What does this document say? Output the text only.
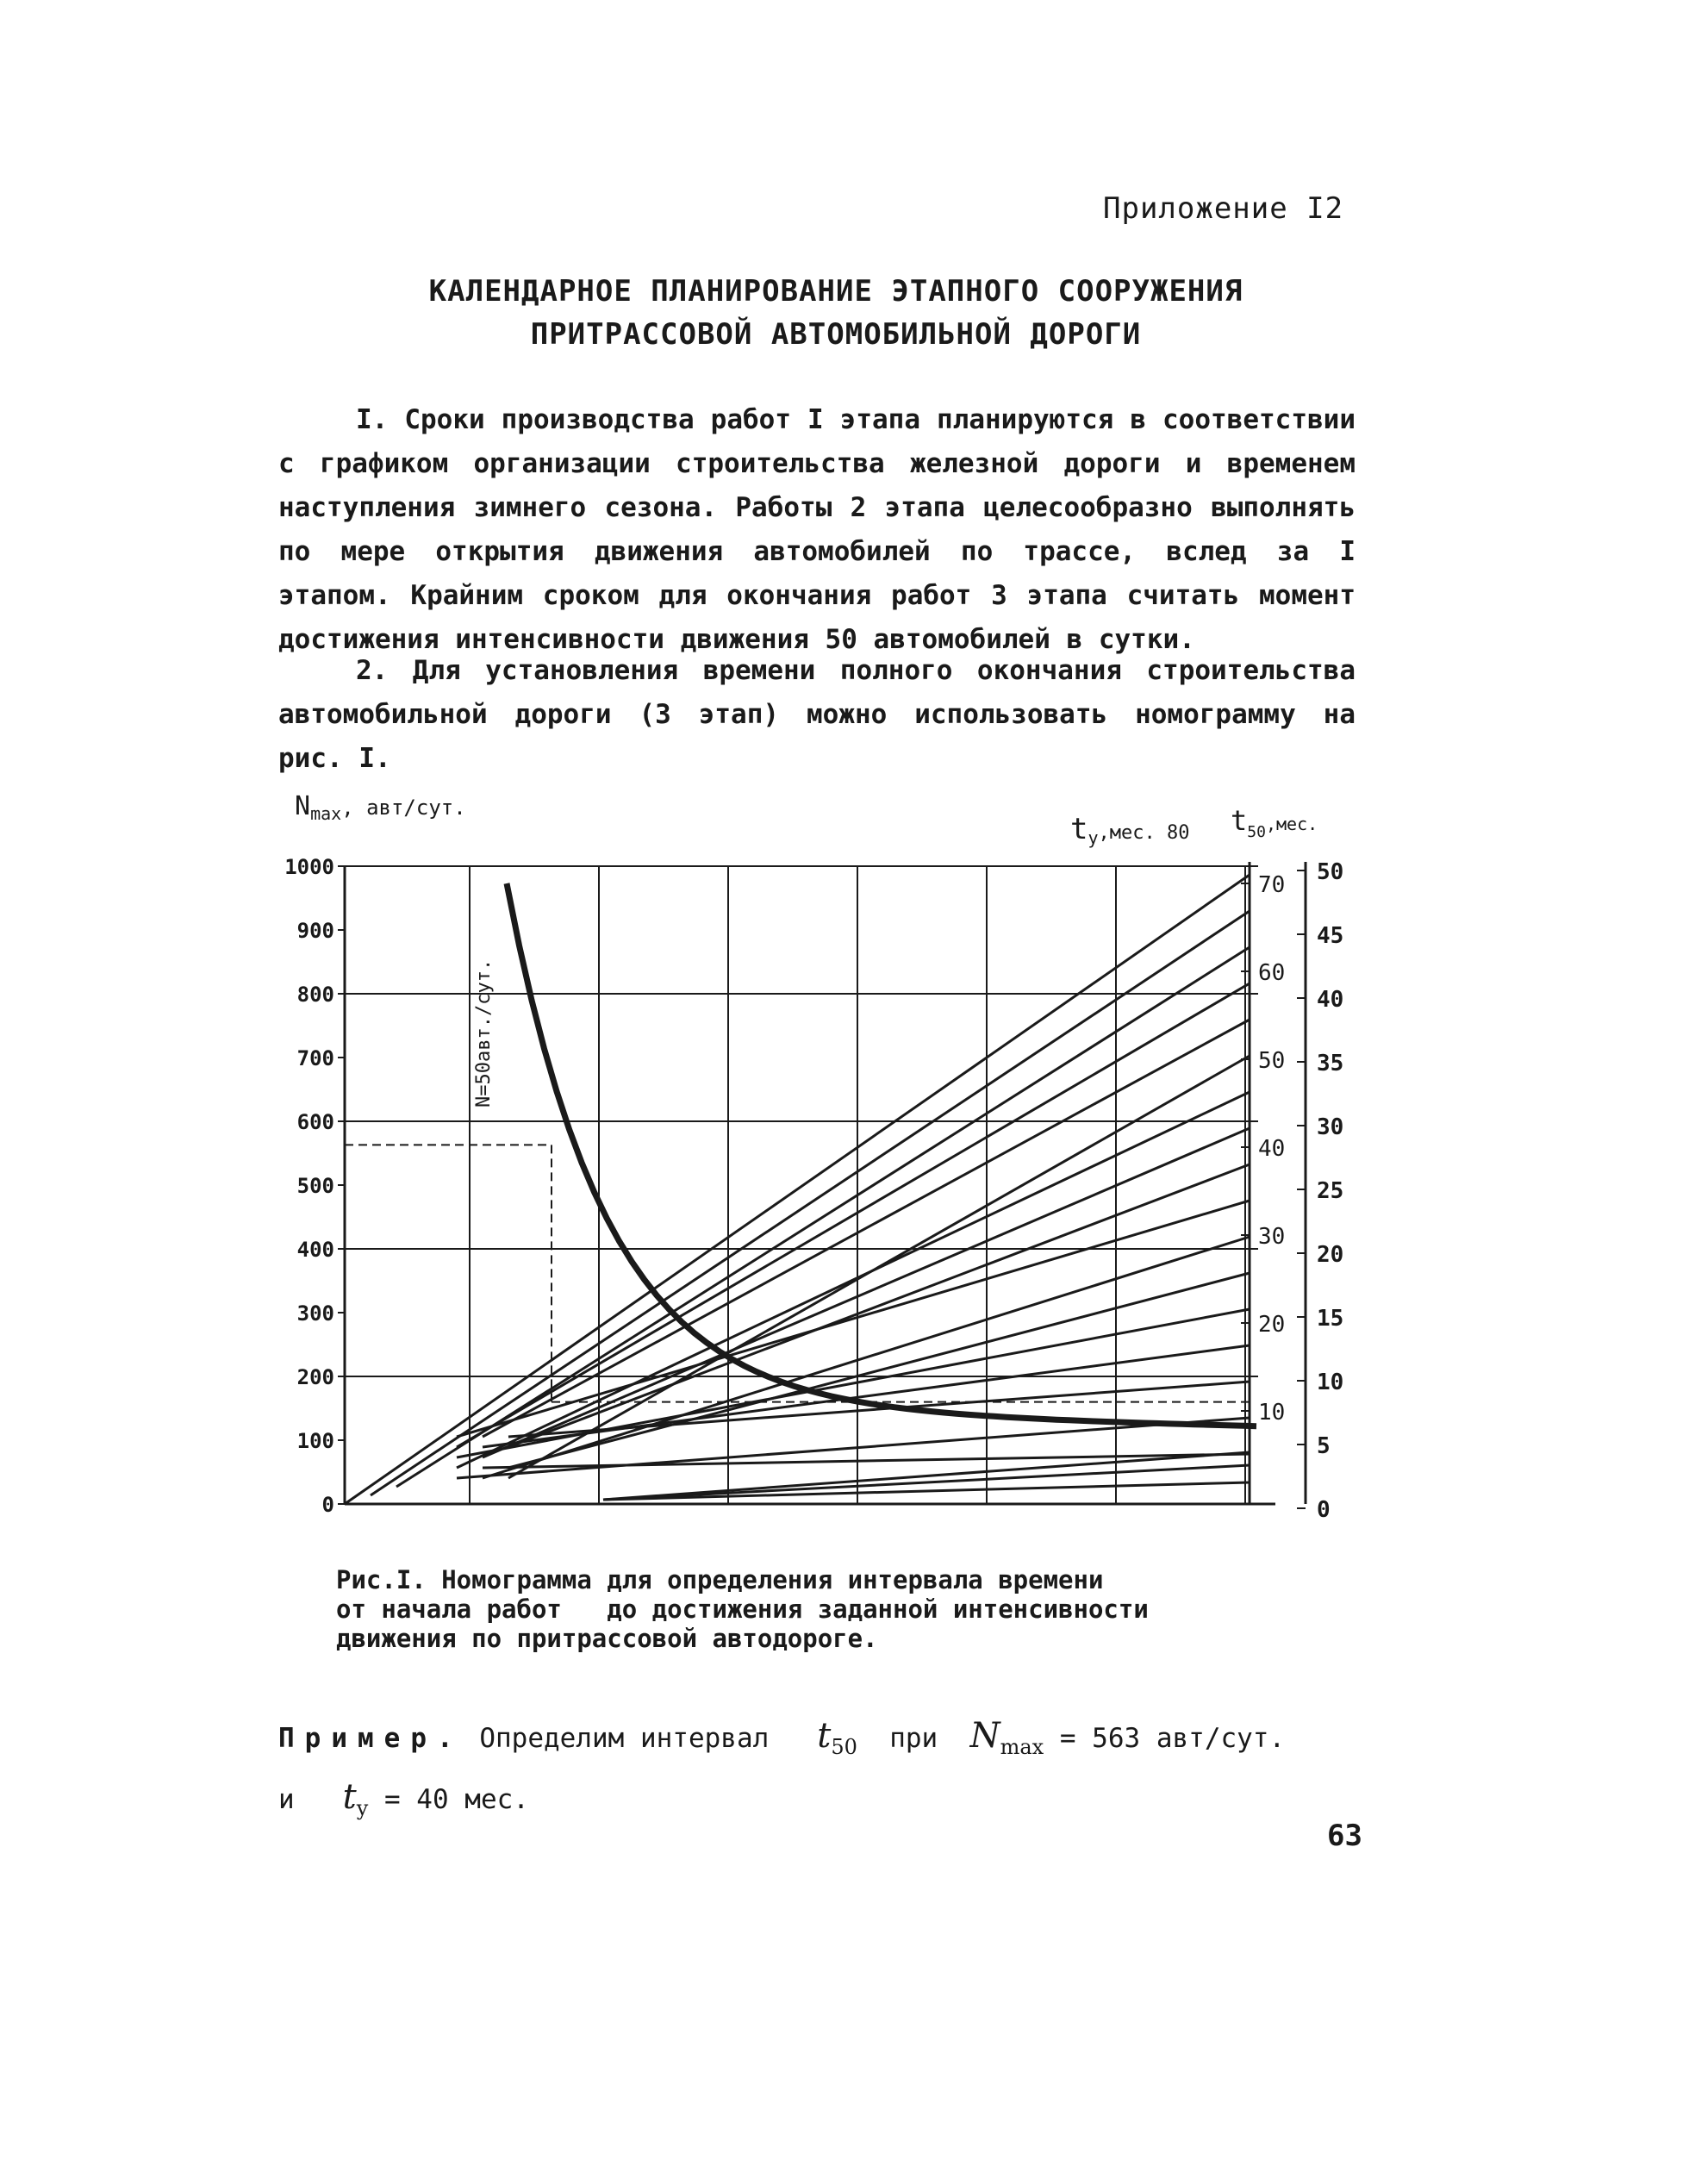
Приложение I2
КАЛЕНДАРНОЕ ПЛАНИРОВАНИЕ ЭТАПНОГО СООРУЖЕНИЯ
ПРИТРАССОВОЙ АВТОМОБИЛЬНОЙ ДОРОГИ

I. Сроки производства работ I этапа планируются в соответствии с графиком организации строительства железной дороги и временем наступления зимнего сезона. Работы 2 этапа целесообразно выполнять по мере открытия движения автомобилей по трассе, вслед за I этапом. Крайним сроком для окончания работ 3 этапа считать момент достижения интенсивности движения 50 автомобилей в сутки.

2. Для установления времени полного окончания строительства автомобильной дороги (3 этап) можно использовать номограмму на рис. I.

1000
900
800
700
600
500
400
300
200
100
0
70
60
50
40
30
20
10
50
45
40
35
30
25
20
15
10
5
0
$N_{max}^{, авт/сут.}$
tу,мес. 80 $t_{50}^{,мес.}$
N=50авт./сут.
Рис.I. Номограмма для определения интервала времени
от начала работ   до достижения заданной интенсивности
движения по притрассовой автодороге.
Пример. Определим интервал $t_{50}$ при $N_{max} = 563$ авт/сут.
и $t_y = 40$ мес.
63
